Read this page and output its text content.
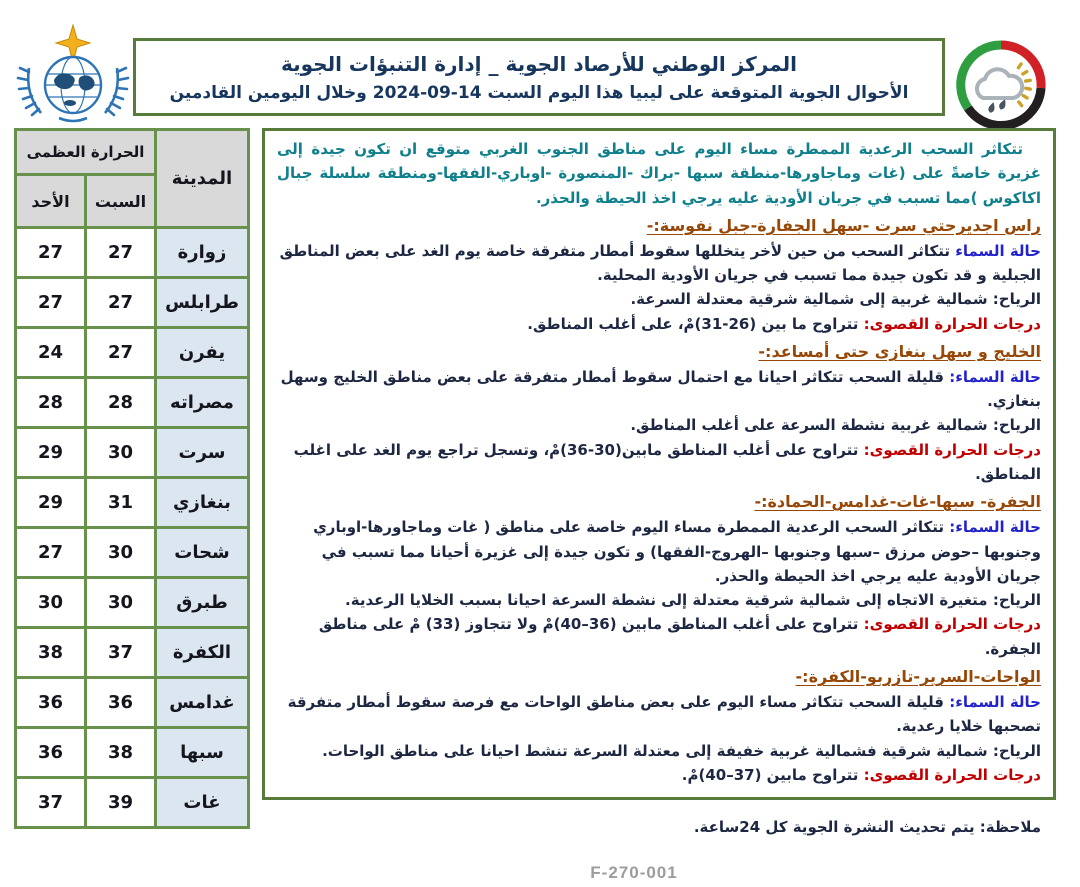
المركز الوطني للأرصاد الجوية _ إدارة التنبؤات الجوية
الأحوال الجوية المتوقعة على ليبيا هذا اليوم السبت 14-09-2024 وخلال اليومين القادمين
المدينة	الحرارة العظمى	
	السبت	الأحد
زوارة	27	27
طرابلس	27	27
يفرن	27	24
مصراته	28	28
سرت	30	29
بنغازي	31	29
شحات	30	27
طبرق	30	30
الكفرة	37	38
غدامس	36	36
سبها	38	36
غات	39	37

تتكاثر السحب الرعدية الممطرة مساء اليوم على مناطق الجنوب الغربي متوقع ان تكون جيدة إلى غزيرة خاصةً على (غات وماجاورها-منطقة سبها -براك -المنصورة -اوباري-الفقها-ومنطقة سلسلة جبال اكاكوس )مما تسبب في جريان الأودية عليه يرجي اخذ الحيطة والحذر.

راس اجديرحتي سرت -سهل الجفارة-جبل نفوسة:-

حالة السماء تتكاثر السحب من حين لأخر يتخللها سقوط أمطار متفرقة خاصة يوم الغد على بعض المناطق الجبلية و قد تكون جيدة مما تسبب في جريان الأودية المحلية.

الرياح: شمالية غربية إلى شمالية شرقية معتدلة السرعة.

درجات الحرارة القصوى: تتراوح ما بين (26-31)مْ، على أغلب المناطق.

الخليج و سهل بنغازى حتى أمساعد:-

حالة السماء: قليلة السحب تتكاثر احيانا مع احتمال سقوط أمطار متفرقة على بعض مناطق الخليج وسهل بنغازي.

الرياح: شمالية غربية نشطة السرعة على أغلب المناطق.

درجات الحرارة القصوى: تتراوح على أغلب المناطق مابين(30-36)مْ، وتسجل تراجع يوم الغد على اغلب المناطق.

الجفرة- سبها-غات-غدامس-الحمادة:-

حالة السماء: تتكاثر السحب الرعدية الممطرة مساء اليوم خاصة على مناطق ( غات وماجاورها-اوباري وجنوبها –حوض مرزق –سبها وجنوبها –الهروج-الفقها) و تكون جيدة إلى غزيرة أحيانا مما تسبب في جريان الأودية عليه يرجي اخذ الحيطة والحذر.

الرياح: متغيرة الاتجاه إلى شمالية شرقية معتدلة إلى نشطة السرعة احيانا بسبب الخلايا الرعدية.

درجات الحرارة القصوى: تتراوح على أغلب المناطق مابين (36–40)مْ ولا تتجاوز (33) مْ على مناطق الجفرة.

الواحات-السرير-تازربو-الكفرة:-

حالة السماء: قليلة السحب تتكاثر مساء اليوم على بعض مناطق الواحات مع فرصة سقوط أمطار متفرقة تصحبها خلايا رعدية.

الرياح: شمالية شرقية فشمالية غربية خفيفة إلى معتدلة السرعة تنشط احيانا على مناطق الواحات.

درجات الحرارة القصوى: تتراوح مابين (37–40)مْ.

ملاحظة: يتم تحديث النشرة الجوية كل 24ساعة.

F-270-001
